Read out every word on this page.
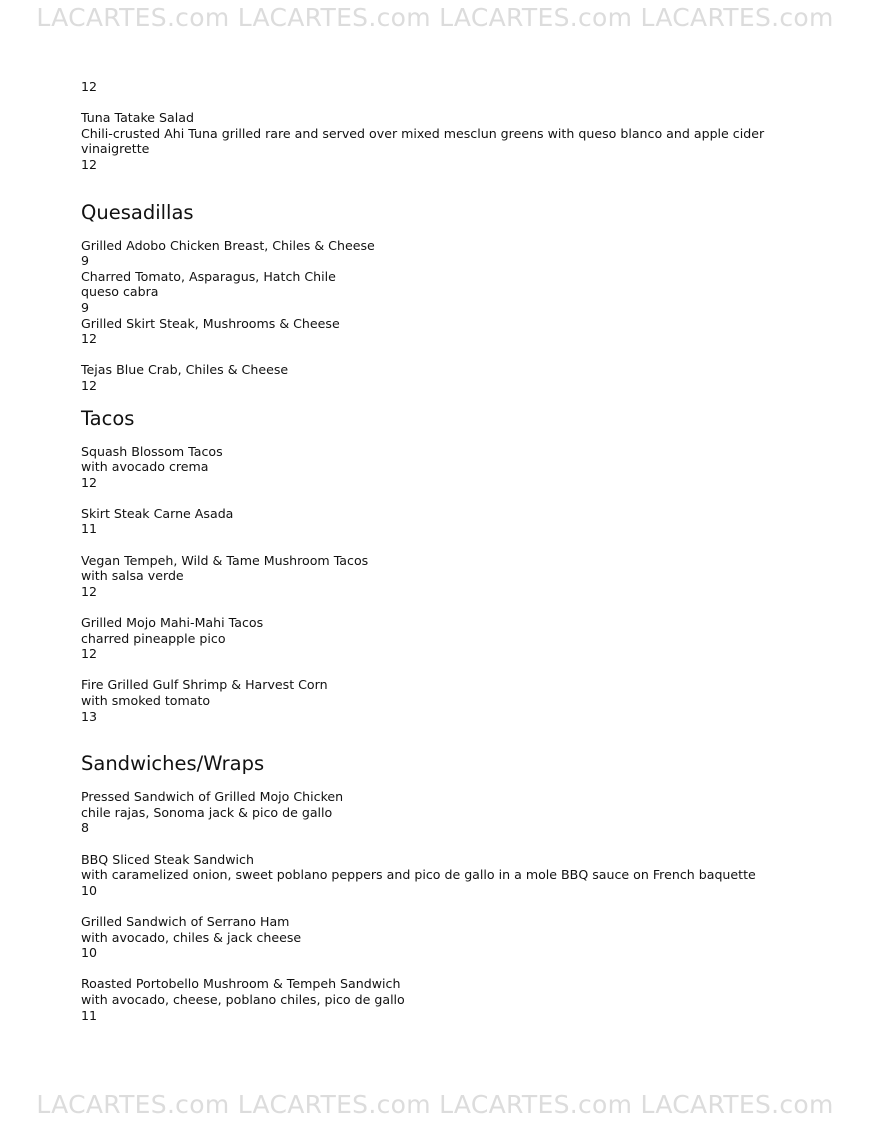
LACARTES.com LACARTES.com LACARTES.com LACARTES.com
12
Tuna Tatake Salad
Chili-crusted Ahi Tuna grilled rare and served over mixed mesclun greens with queso blanco and apple cider
vinaigrette
12
Quesadillas
Grilled Adobo Chicken Breast, Chiles & Cheese
9
Charred Tomato, Asparagus, Hatch Chile
queso cabra
9
Grilled Skirt Steak, Mushrooms & Cheese
12
Tejas Blue Crab, Chiles & Cheese
12
Tacos
Squash Blossom Tacos
with avocado crema
12
Skirt Steak Carne Asada
11
Vegan Tempeh, Wild & Tame Mushroom Tacos
with salsa verde
12
Grilled Mojo Mahi-Mahi Tacos
charred pineapple pico
12
Fire Grilled Gulf Shrimp & Harvest Corn
with smoked tomato
13
Sandwiches/Wraps
Pressed Sandwich of Grilled Mojo Chicken
chile rajas, Sonoma jack & pico de gallo
8
BBQ Sliced Steak Sandwich
with caramelized onion, sweet poblano peppers and pico de gallo in a mole BBQ sauce on French baquette
10
Grilled Sandwich of Serrano Ham
with avocado, chiles & jack cheese
10
Roasted Portobello Mushroom & Tempeh Sandwich
with avocado, cheese, poblano chiles, pico de gallo
11
LACARTES.com LACARTES.com LACARTES.com LACARTES.com
